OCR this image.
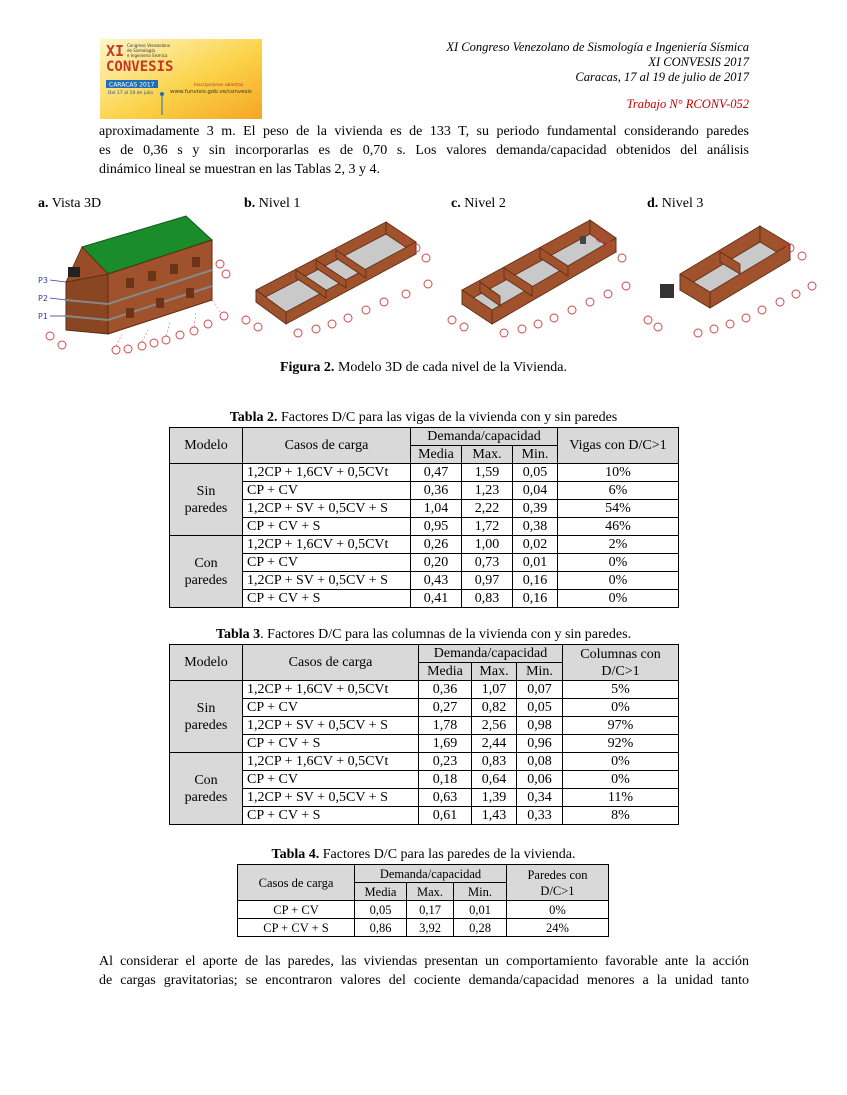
XI
CONVESIS
Congreso Venezolano
de Sismología
e Ingeniería Sísmica
CARACAS 2017
Del 17 al 19 de julio
Inscripciones abiertas
www.funvisis.gob.ve/convesis
XI Congreso Venezolano de Sismología e Ingeniería Sísmica
XI CONVESIS 2017
Caracas, 17 al 19 de julio de 2017
Trabajo N° RCONV-052
aproximadamente 3 m. El peso de la vivienda es de 133 T, su periodo fundamental considerando paredes
es de 0,36 s y sin incorporarlas es de 0,70 s. Los valores demanda/capacidad obtenidos del análisis
dinámico lineal se muestran en las Tablas 2, 3 y 4.
a. Vista 3D	b. Nivel 1	c. Nivel 2	d. Nivel 3
P3
P2
P1
Figura 2. Modelo 3D de cada nivel de la Vivienda.
Tabla 2. Factores D/C para las vigas de la vivienda con y sin paredes
Modelo	Casos de carga	Demanda/capacidad			Vigas con D/C>1
		Media	Max.	Min.	
Sin
paredes	1,2CP + 1,6CV + 0,5CVt	0,47	1,59	0,05	10%
	CP + CV	0,36	1,23	0,04	6%
	1,2CP + SV + 0,5CV + S	1,04	2,22	0,39	54%
	CP + CV + S	0,95	1,72	0,38	46%
Con
paredes	1,2CP + 1,6CV + 0,5CVt	0,26	1,00	0,02	2%
	CP + CV	0,20	0,73	0,01	0%
	1,2CP + SV + 0,5CV + S	0,43	0,97	0,16	0%
	CP + CV + S	0,41	0,83	0,16	0%
Tabla 3. Factores D/C para las columnas de la vivienda con y sin paredes.
Modelo	Casos de carga	Demanda/capacidad			Columnas con
D/C>1
		Media	Max.	Min.	
Sin
paredes	1,2CP + 1,6CV + 0,5CVt	0,36	1,07	0,07	5%
	CP + CV	0,27	0,82	0,05	0%
	1,2CP + SV + 0,5CV + S	1,78	2,56	0,98	97%
	CP + CV + S	1,69	2,44	0,96	92%
Con
paredes	1,2CP + 1,6CV + 0,5CVt	0,23	0,83	0,08	0%
	CP + CV	0,18	0,64	0,06	0%
	1,2CP + SV + 0,5CV + S	0,63	1,39	0,34	11%
	CP + CV + S	0,61	1,43	0,33	8%
Tabla 4. Factores D/C para las paredes de la vivienda.
Casos de carga	Demanda/capacidad			Paredes con
D/C>1
	Media	Max.	Min.	
CP + CV	0,05	0,17	0,01	0%
CP + CV + S	0,86	3,92	0,28	24%
Al considerar el aporte de las paredes, las viviendas presentan un comportamiento favorable ante la acción
de cargas gravitatorias; se encontraron valores del cociente demanda/capacidad menores a la unidad tanto
